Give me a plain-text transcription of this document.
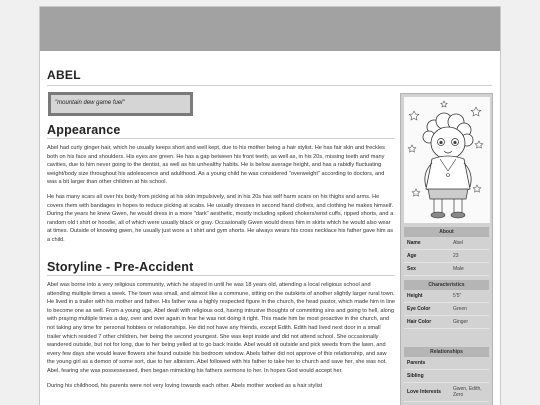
ABEL
"mountain dew game fuel"
Appearance

Abel had curly ginger hair, which he usually keeps short and well kept, due to his mother being a hair stylist. He has fair skin and freckles both on his face and shoulders. His eyes are green. He has a gap between his front teeth, as well as, in his 20s, missing teeth and many cavities, due to him never going to the dentist, as well as his unhealthy habits. He is below average height, and has a rabidly fluctuating weight/body size throughout his adolescence and adulthood. As a young child he was considered "overweight" according to doctors, and was a bit larger than other children at his school.

He has many scars all over his body from picking at his skin impulsively, and in his 20s has self harm scars on his thighs and arms. He covers them with bandages in hopes to reduce picking at scabs. He usually dresses in second hand clothes, and clothing he makes himself. During the years he knew Gwen, he would dress in a more "dark" aesthetic, mostly including spiked chokers/wrist cuffs, ripped shorts, and a random old t shirt or hoodie, all of which were usually black or gray. Occasionally Gwen would dress him in skirts which he would also wear at times. Outside of knowing gwen, he usually just wore a t shirt and gym shorts. He always wears his cross necklace his father gave him as a child.

Storyline - Pre-Accident

Abel was borne into a very religious community, which he stayed in until he was 18 years old, attending a local religious school and attending multiple times a week. The town was small, and almost like a commune, sitting on the outskirts of another slightly larger rural town. He lived in a trailer with his mother and father. His father was a highly respected figure in the church, the head pastor, which made him in line to become one as well. From a young age, Abel dealt with religious ocd, having intrusive thoughts of committing sins and going to hell, along with praying multiple times a day, over and over again in fear he was not doing it right. This made him be most proactive in the church, and not taking any time for personal hobbies or relationships. He did not have any friends, except Edith. Edith had lived next door in a small trailer which resided 7 other children, her being the second youngest. She was kept inside and did not attend school. She occasionally wandered outside, but not for long, due to her being yelled at to go back inside. Abel would sit outside and pick weeds from the lawn, and every few days she would leave flowers she found outside his bedroom window. Abels father did not approve of this relationship, and saw the young girl as a demon of some sort, due to her albinism. Abel followed with his father to take her to church and save her, she was not. Abel, fearing she was possessessed, then began mimicking his fathers sermons to her. In hopes God would accept her.

During his childhood, his parents were not very loving towards each other. Abels mother worked as a hair stylist

About
Name	Abel
Age	23
Sex	Male
Characteristics
Height	5'5"
Eye Color	Green
Hair Color	Ginger
Relationships
Parents
Sibling
Love Interests	Gwen, Edith, Zero
